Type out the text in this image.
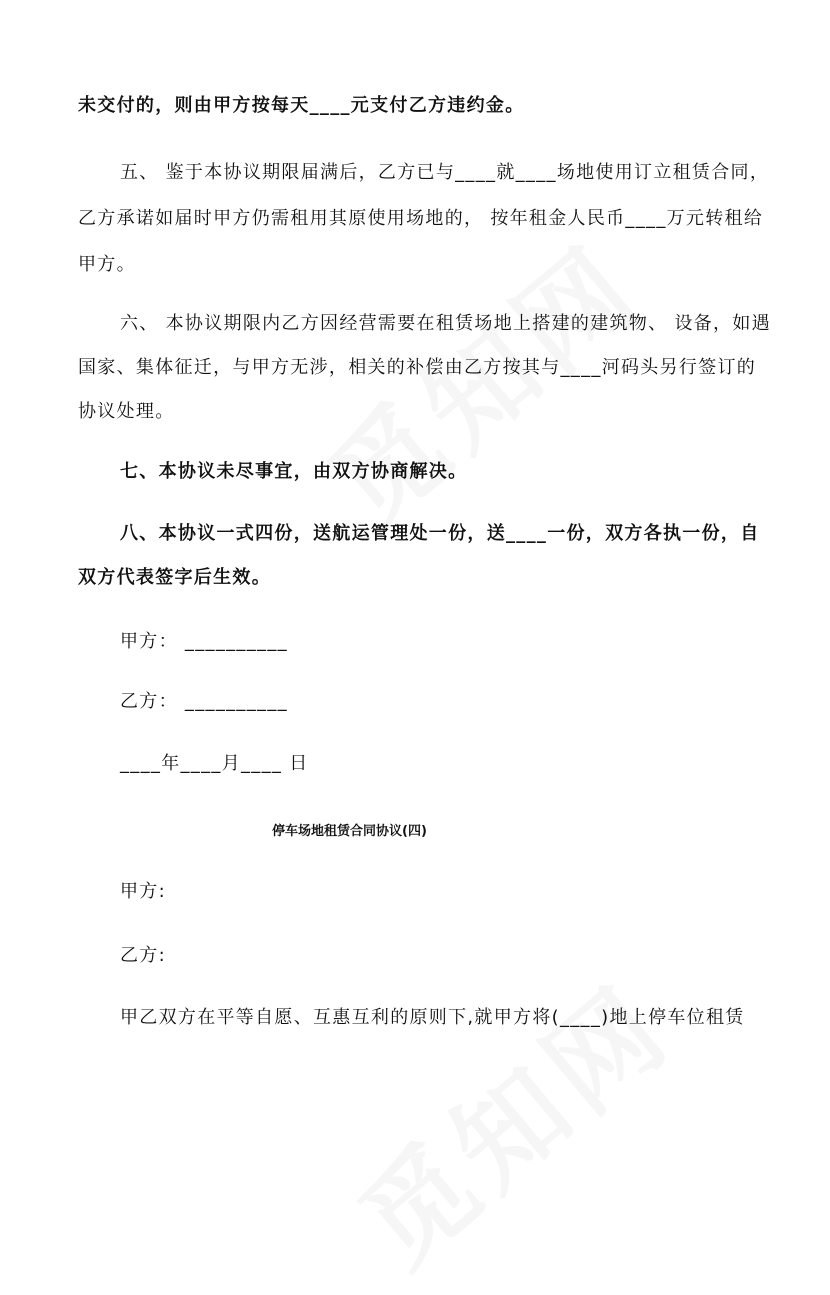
未交付的，则由甲方按每天____元支付乙方违约金。
五、 鉴于本协议期限届满后，乙方已与____就____场地使用订立租赁合同，
乙方承诺如届时甲方仍需租用其原使用场地的， 按年租金人民币____万元转租给
甲方。
六、 本协议期限内乙方因经营需要在租赁场地上搭建的建筑物、 设备，如遇
国家、集体征迁，与甲方无涉，相关的补偿由乙方按其与____河码头另行签订的
协议处理。
七、本协议未尽事宜，由双方协商解决。
八、本协议一式四份，送航运管理处一份，送____一份，双方各执一份，自
双方代表签字后生效。
甲方： __________
乙方： __________
____年____月____ 日
停车场地租赁合同协议(四)
甲方:
乙方:
甲乙双方在平等自愿、互惠互利的原则下,就甲方将(____)地上停车位租赁
